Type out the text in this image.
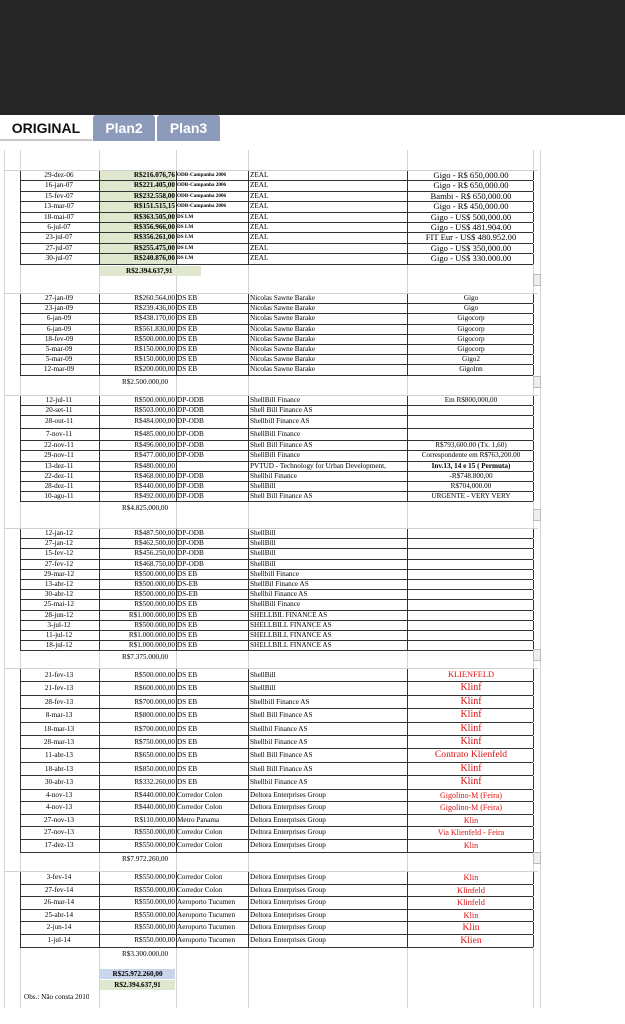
ORIGINAL	Plan2	Plan3
29-dez-06	R$216.076,76 ODB-Campanha 2006	ZEAL	Gigo - R$ 650,000.00
16-jan-07	R$221.405,00 ODB-Campanha 2006	ZEAL	Gigo - R$ 650,000.00
15-fev-07	R$232.558,00 ODB-Campanha 2006	ZEAL	Bambi - R$ 650,000.00
13-mar-07	R$151.515,15 ODB-Campanha 2006	ZEAL	Gigo - R$ 450,000.00
18-mai-07	R$363.505,00 DS LM	ZEAL	Gigo - US$ 500,000.00
6-jul-07	R$356.966,00 DS LM	ZEAL	Gigo - US$ 481.904.00
23-jul-07	R$356.261,00 DS LM	ZEAL	FIT Eur - US$ 480.952.00
27-jul-07	R$255.475,00 DS LM	ZEAL	Gigo - US$ 350,000.00
30-jul-07	R$240.876,00 DS LM	ZEAL	Gigo - US$ 330.000.00
R$2.394.637,91
27-jan-09	R$260.564,00 DS EB	Nicolas Sawne Barake	Gigo
23-jan-09	R$239.436,00 DS EB	Nicolas Sawne Barake	Gigo
6-jan-09	R$438.170,00 DS EB	Nicolas Sawne Barake	Gigocorp
6-jan-09	R$561.830,00 DS EB	Nicolas Sawne Barake	Gigocorp
18-fev-09	R$500.000,00 DS EB	Nicolas Sawne Barake	Gigocorp
5-mar-09	R$150.000,00 DS EB	Nicolas Sawne Barake	Gigocorp
5-mar-09	R$150.000,00 DS EB	Nicolas Sawne Barake	Gigo2
12-mar-09	R$200.000,00 DS EB	Nicolas Sawne Barake	Gigolnn
R$2.500.000,00
12-jul-11	R$500.000,00 DP-ODB	ShellBill Finance	Em R$800,000,00
20-set-11	R$503.000,00 DP-ODB	Shell Bill Finance AS
28-out-11	R$484.000,00 DP-ODB	Shellbill Finance AS
7-nov-11	R$485.000,00 DP-ODB	ShellBill Finance
22-nov-11	R$496.000,00 DP-ODB	Shell Bill Finance AS	R$793,600.00 (Tx. 1,60)
29-nov-11	R$477.000,00 DP-ODB	ShellBill Finance	Correspondente em R$763,200.00
13-dez-11	R$480.000,00	PVTUD - Technology for Urban Development,	Inv.13, 14 e 15 ( Permuta)
22-dez-11	R$468.000,00 DP-ODB	Shellbil Finance	-R$748.800,00
28-dez-11	R$440.000,00 DP-ODB	ShellBill	R$704,000.00
10-ago-11	R$492.000,00 DP-ODB	Shell Bill Finance AS	URGENTE - VERY VERY
R$4.825.000,00
12-jan-12	R$487.500,00 DP-ODB	ShellBill
27-jan-12	R$462.500,00 DP-ODB	ShellBill
15-fev-12	R$456.250,00 DP-ODB	ShellBill
27-fev-12	R$468.750,00 DP-ODB	ShellBill
29-mar-12	R$500.000,00 DS EB	Shellbill Finance
13-abr-12	R$500.000,00 DS-EB	ShellBil Finance AS
30-abr-12	R$500.000,00 DS-EB	Shellbil Finance AS
25-mai-12	R$500.000,00 DS EB	ShellBill Finance
28-jun-12	R$1.000.000,00 DS EB	SHELLBIL FINANCE AS
3-jul-12	R$500.000,00 DS EB	SHELLBILL FINANCE AS
11-jul-12	R$1.000.000,00 DS EB	SHELLBILL FINANCE AS
18-jul-12	R$1.000.000,00 DS EB	SHELLBILL FINANCE AS
R$7.375.000,00
21-fev-13	R$500.000,00 DS EB	ShellBill	KLIENFELD
21-fev-13	R$600.000,00 DS EB	ShellBill	Klinf
28-fev-13	R$700.000,00 DS EB	Shellbill Finance AS	Klinf
8-mar-13	R$800.000,00 DS EB	Shell Bill Finance AS	Klinf
18-mar-13	R$700.000,00 DS EB	Shellbil Finance AS	Klinf
28-mar-13	R$750.000,00 DS EB	Shellbil Finance AS	Klinf
11-abr-13	R$650.000,00 DS EB	Shell Bill Finance AS	Contrato Klienfeld
18-abr-13	R$850.000,00 DS EB	Shell Bill Finance AS	Klinf
30-abr-13	R$332.260,00 DS EB	Shellbil Finance AS	Klinf
4-nov-13	R$440.000,00 Corredor Colon	Deltora Enterprises Group	Gigolino-M (Feira)
4-nov-13	R$440.000,00 Corredor Colon	Deltora Enterprises Group	Gigolino-M (Feira)
27-nov-13	R$110.000,00 Metro Panama	Deltora Enterprises Group	Klin
27-nov-13	R$550.000,00 Corredor Colon	Deltora Enterprises Group	Via Klienfeld - Feira
17-dez-13	R$550.000,00 Corredor Colon	Deltora Enterprises Group	Klin
R$7.972.260,00
3-fev-14	R$550.000,00 Corredor Colon	Deltora Enterprises Group	Klin
27-fev-14	R$550.000,00 Corredor Colon	Deltora Enterprises Group	Klinfeld
26-mar-14	R$550.000,00 Aeroporto Tucumen	Deltora Enterprises Group	Klinfeld
25-abr-14	R$550.000,00 Aeroporto Tucumen	Deltora Enterprises Group	Klin
2-jun-14	R$550.000,00 Aeroporto Tucumen	Deltora Enterprises Group	Klin
1-jul-14	R$550.000,00 Aeroporto Tucumen	Deltora Enterprises Group	Klien
R$3.300.000,00
R$25.972.260,00
R$2.394.637,91
Obs.: Não consta 2010
